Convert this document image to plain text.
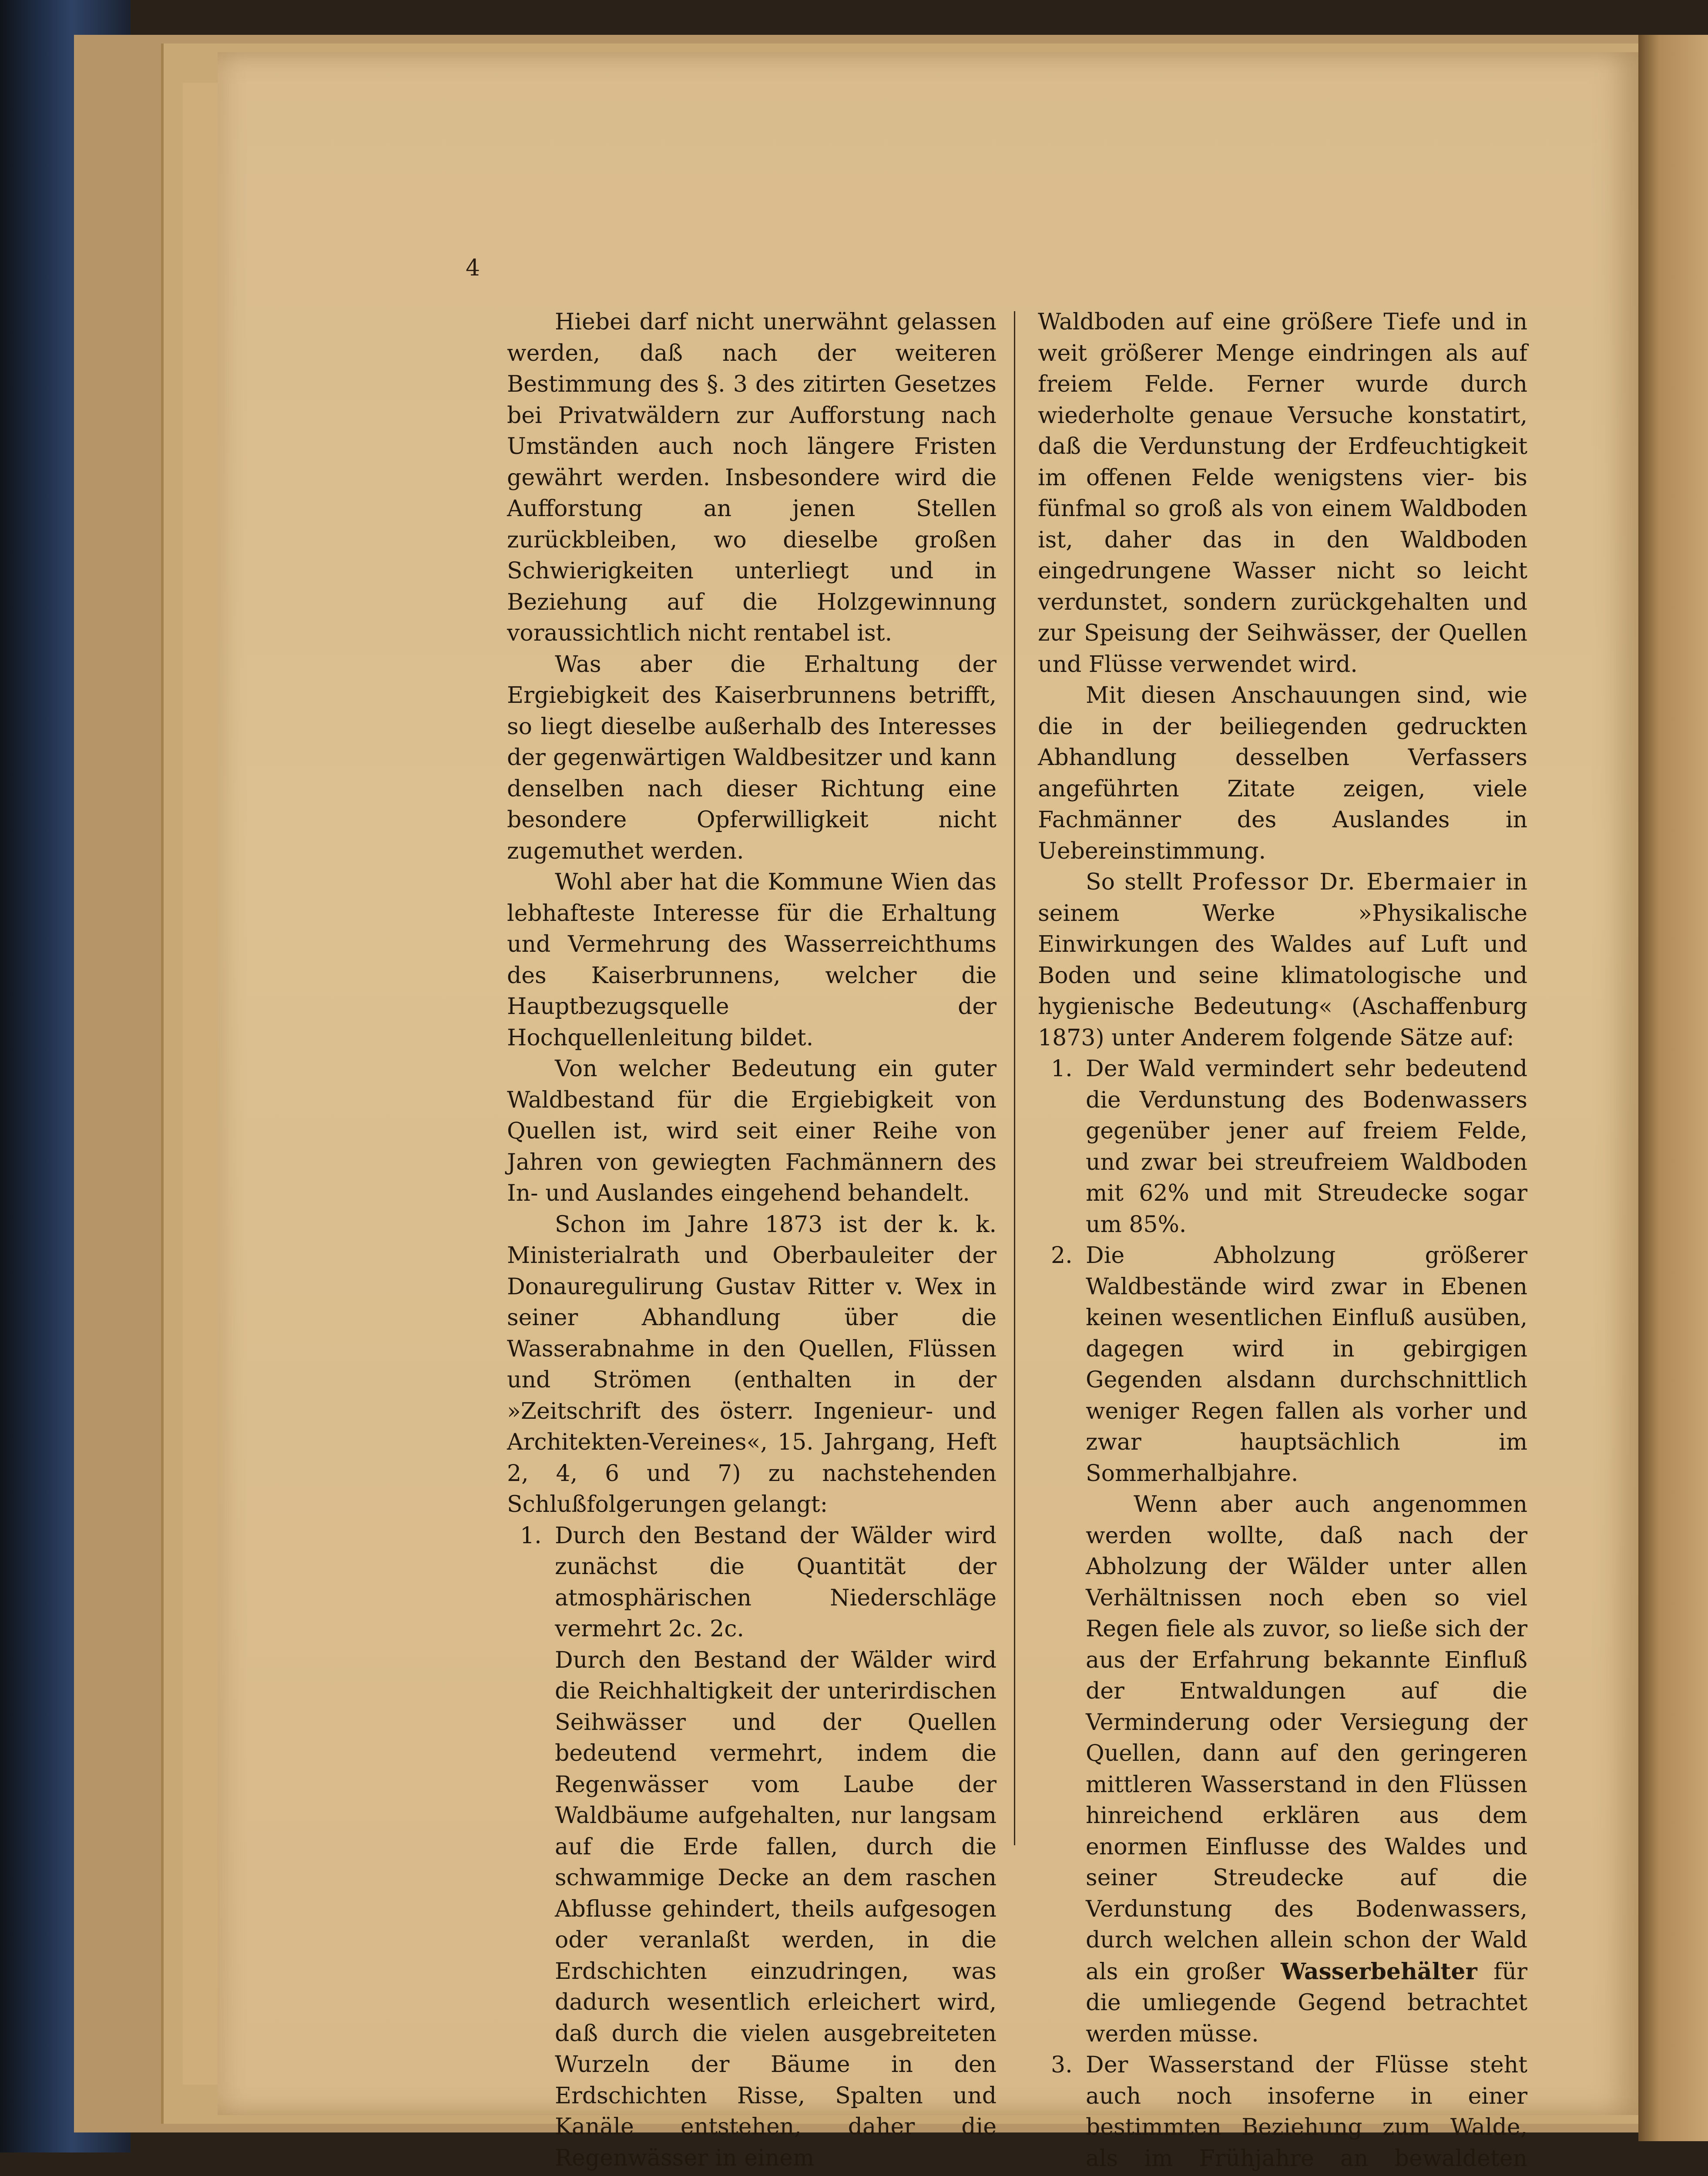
4

Hiebei darf nicht unerwähnt gelassen werden, daß nach der weiteren Bestimmung des §. 3 des zitirten Gesetzes bei Privatwäldern zur Aufforstung nach Umständen auch noch längere Fristen gewährt werden. Insbesondere wird die Aufforstung an jenen Stellen zurückbleiben, wo dieselbe großen Schwierigkeiten unterliegt und in Beziehung auf die Holzgewinnung voraussichtlich nicht rentabel ist.

Was aber die Erhaltung der Ergiebigkeit des Kaiserbrunnens betrifft, so liegt dieselbe außerhalb des Interesses der gegenwärtigen Waldbesitzer und kann denselben nach dieser Richtung eine besondere Opferwilligkeit nicht zugemuthet werden.

Wohl aber hat die Kommune Wien das lebhafteste Interesse für die Erhaltung und Vermehrung des Wasserreichthums des Kaiserbrunnens, welcher die Hauptbezugsquelle der Hochquellenleitung bildet.

Von welcher Bedeutung ein guter Waldbestand für die Ergiebigkeit von Quellen ist, wird seit einer Reihe von Jahren von gewiegten Fachmännern des In- und Auslandes eingehend behandelt.

Schon im Jahre 1873 ist der k. k. Ministerialrath und Oberbauleiter der Donauregulirung Gustav Ritter v. Wex in seiner Abhandlung über die Wasserabnahme in den Quellen, Flüssen und Strömen (enthalten in der »Zeitschrift des österr. Ingenieur- und Architekten-Vereines«, 15. Jahrgang, Heft 2, 4, 6 und 7) zu nachstehenden Schlußfolgerungen gelangt:

1. Durch den Bestand der Wälder wird zunächst die Quantität der atmosphärischen Niederschläge vermehrt 2c. 2c.

Durch den Bestand der Wälder wird die Reichhaltigkeit der unterirdischen Seihwässer und der Quellen bedeutend vermehrt, indem die Regenwässer vom Laube der Waldbäume aufgehalten, nur langsam auf die Erde fallen, durch die schwammige Decke an dem raschen Abflusse gehindert, theils aufgesogen oder veranlaßt werden, in die Erdschichten einzudringen, was dadurch wesentlich erleichert wird, daß durch die vielen ausgebreiteten Wurzeln der Bäume in den Erdschichten Risse, Spalten und Kanäle entstehen, daher die Regenwässer in einem

Waldboden auf eine größere Tiefe und in weit größerer Menge eindringen als auf freiem Felde. Ferner wurde durch wiederholte genaue Versuche konstatirt, daß die Verdunstung der Erdfeuchtigkeit im offenen Felde wenigstens vier- bis fünfmal so groß als von einem Waldboden ist, daher das in den Waldboden eingedrungene Wasser nicht so leicht verdunstet, sondern zurückgehalten und zur Speisung der Seihwässer, der Quellen und Flüsse verwendet wird.

Mit diesen Anschauungen sind, wie die in der beiliegenden gedruckten Abhandlung desselben Verfassers angeführten Zitate zeigen, viele Fachmänner des Auslandes in Uebereinstimmung.

So stellt Professor Dr. Ebermaier in seinem Werke »Physikalische Einwirkungen des Waldes auf Luft und Boden und seine klimatologische und hygienische Bedeutung« (Aschaffenburg 1873) unter Anderem folgende Sätze auf:

1. Der Wald vermindert sehr bedeutend die Verdunstung des Bodenwassers gegenüber jener auf freiem Felde, und zwar bei streufreiem Waldboden mit 62% und mit Streudecke sogar um 85%.
2. Die Abholzung größerer Waldbestände wird zwar in Ebenen keinen wesentlichen Einfluß ausüben, dagegen wird in gebirgigen Gegenden alsdann durchschnittlich weniger Regen fallen als vorher und zwar hauptsächlich im Sommerhalbjahre.

Wenn aber auch angenommen werden wollte, daß nach der Abholzung der Wälder unter allen Verhältnissen noch eben so viel Regen fiele als zuvor, so ließe sich der aus der Erfahrung bekannte Einfluß der Entwaldungen auf die Verminderung oder Versiegung der Quellen, dann auf den geringeren mittleren Wasserstand in den Flüssen hinreichend erklären aus dem enormen Einflusse des Waldes und seiner Streudecke auf die Verdunstung des Bodenwassers, durch welchen allein schon der Wald als ein großer Wasserbehälter für die umliegende Gegend betrachtet werden müsse.

3. Der Wasserstand der Flüsse steht auch noch insoferne in einer bestimmten Beziehung zum Walde, als im Frühjahre an bewaldeten
